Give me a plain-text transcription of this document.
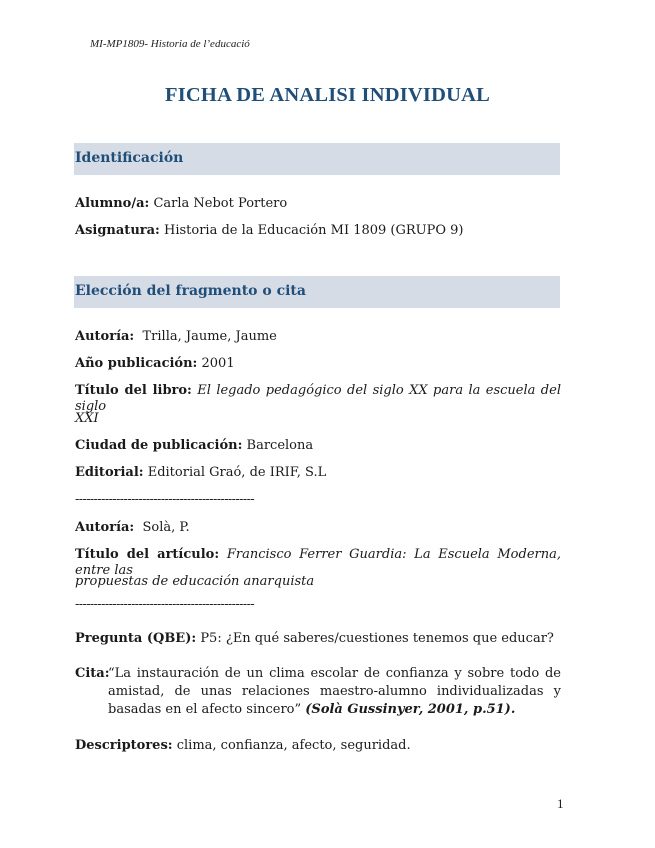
MI-MP1809- Historia de l’educació
FICHA DE ANALISI INDIVIDUAL
Identificación
Alumno/a: Carla Nebot Portero
Asignatura: Historia de la Educación MI 1809 (GRUPO 9)
Elección del fragmento o cita
Autoría: Trilla, Jaume, Jaume
Año publicación: 2001
Título del libro: El legado pedagógico del siglo XX para la escuela del siglo
XXI
Ciudad de publicación: Barcelona
Editorial: Editorial Graó, de IRIF, S.L
------------------------------------------------
Autoría: Solà, P.
Título del artículo: Francisco Ferrer Guardia: La Escuela Moderna, entre las
propuestas de educación anarquista
------------------------------------------------
Pregunta (QBE): P5: ¿En qué saberes/cuestiones tenemos que educar?
Cita:
“La instauración de un clima escolar de confianza y sobre todo de amistad, de unas relaciones maestro-alumno individualizadas y basadas en el afecto sincero” (Solà Gussinyer, 2001, p.51).
Descriptores: clima, confianza, afecto, seguridad.
1
